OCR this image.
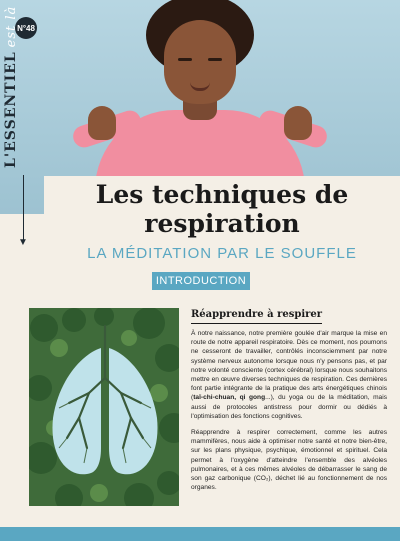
N°48
L'ESSENTIELest là
▼
Les techniques de respiration
LA MÉDITATION PAR LE SOUFFLE
INTRODUCTION
Réapprendre à respirer

À notre naissance, notre première goulée d'air marque la mise en route de notre appareil respiratoire. Dès ce moment, nos poumons ne cesseront de travailler, contrôlés inconsciemment par notre système nerveux autonome lorsque nous n'y pensons pas, et par notre volonté consciente (cortex cérébral) lorsque nous souhaitons mettre en œuvre diverses techniques de respiration. Ces dernières font partie intégrante de la pratique des arts énergétiques chinois (taï-chi-chuan, qi gong...), du yoga ou de la méditation, mais aussi de protocoles antistress pour dormir ou dédiés à l'optimisation des fonctions cognitives.

Réapprendre à respirer correctement, comme les autres mammifères, nous aide à optimiser notre santé et notre bien-être, sur les plans physique, psychique, émotionnel et spirituel. Cela permet à l'oxygène d'atteindre l'ensemble des alvéoles pulmonaires, et à ces mêmes alvéoles de débarrasser le sang de son gaz carbonique (CO₂), déchet lié au fonctionnement de nos organes.
